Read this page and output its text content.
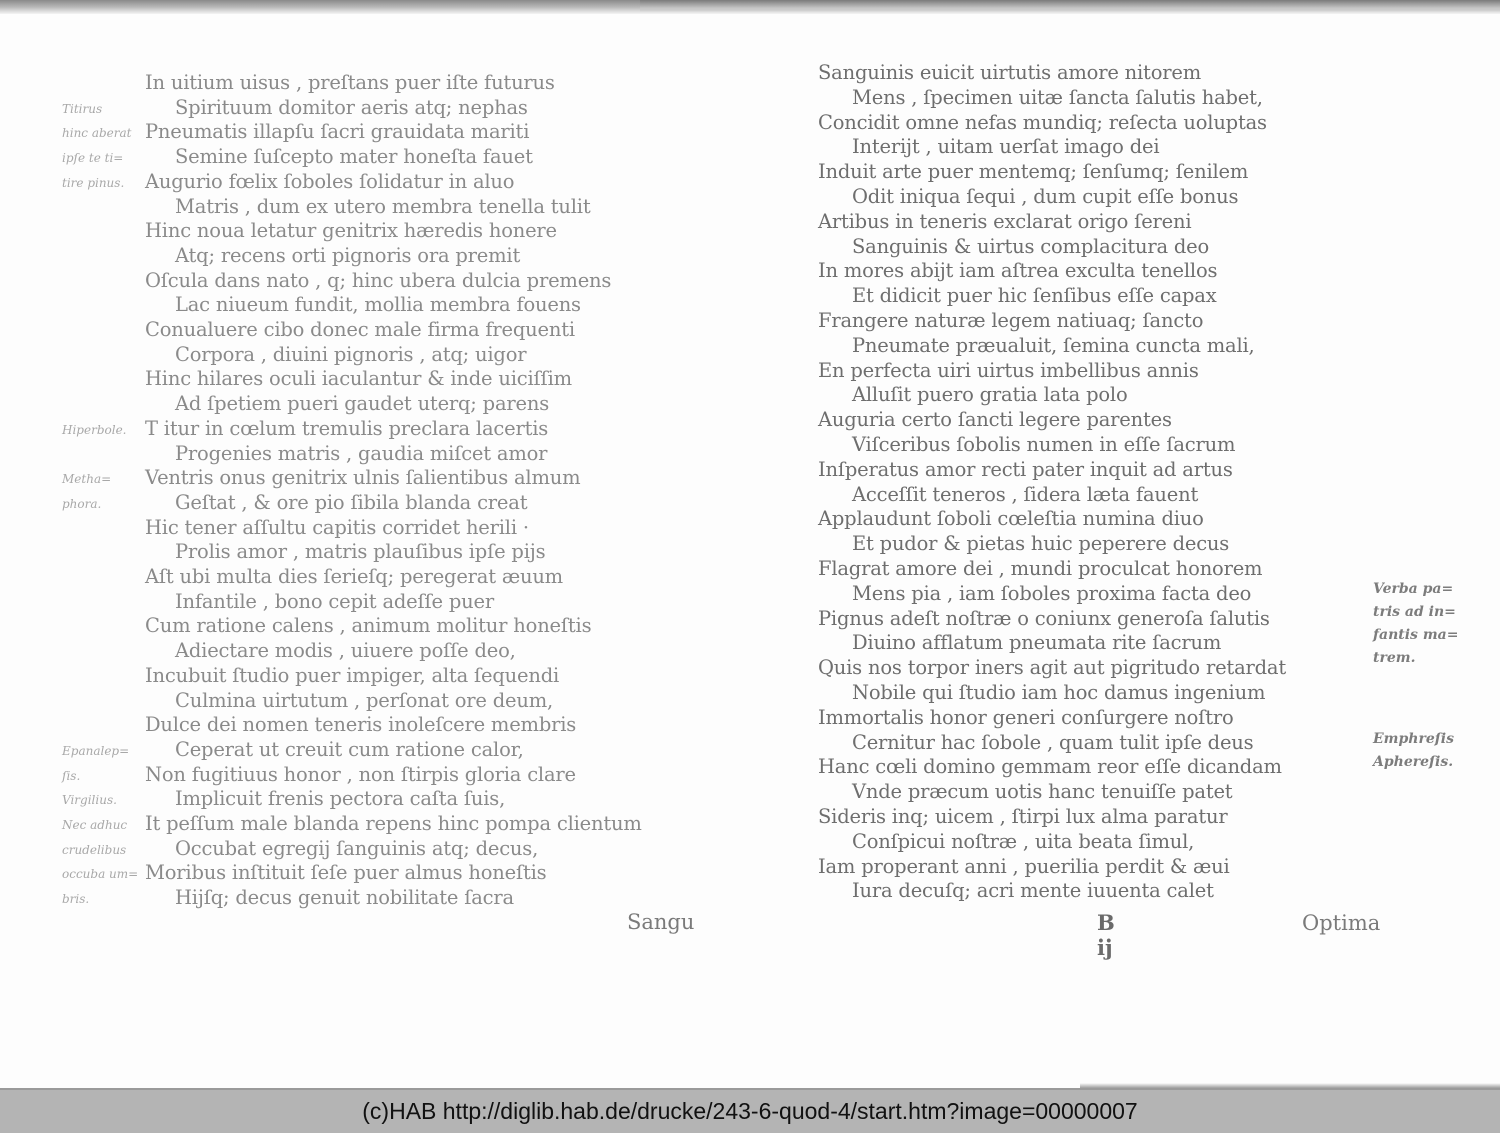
In uitium uisus , preſtans puer iſte futurus
Spirituum domitor aeris atq; nephas
Pneumatis illapſu ſacri grauidata mariti
Semine ſuſcepto mater honeſta fauet
Augurio fœlix ſoboles ſolidatur in aluo
Matris , dum ex utero membra tenella tulit
Hinc noua letatur genitrix hæredis honere
Atq; recens orti pignoris ora premit
Oſcula dans nato , q; hinc ubera dulcia premens
Lac niueum fundit, mollia membra fouens
Conualuere cibo donec male firma frequenti
Corpora , diuini pignoris , atq; uigor
Hinc hilares oculi iaculantur & inde uiciſſim
Ad ſpetiem pueri gaudet uterq; parens
T itur in cœlum tremulis preclara lacertis
Progenies matris , gaudia miſcet amor
Ventris onus genitrix ulnis ſalientibus almum
Geſtat , & ore pio ſibila blanda creat
Hic tener aſſultu capitis corridet herili ·
Prolis amor , matris plauſibus ipſe pijs
Aſt ubi multa dies ſerieſq; peregerat æuum
Infantile , bono cepit adeſſe puer
Cum ratione calens , animum molitur honeſtis
Adiectare modis , uiuere poſſe deo,
Incubuit ſtudio puer impiger, alta ſequendi
Culmina uirtutum , perſonat ore deum,
Dulce dei nomen teneris inoleſcere membris
Ceperat ut creuit cum ratione calor,
Non fugitiuus honor , non ſtirpis gloria clare
Implicuit frenis pectora caſta ſuis,
It peſſum male blanda repens hinc pompa clientum
Occubat egregij ſanguinis atq; decus,
Moribus inſtituit ſeſe puer almus honeſtis
Hijſq; decus genuit nobilitate ſacra
Titirus
hinc aberat
ipſe te ti=
tire pinus.
Hiperbole.
Metha=
phora.
Epanalep=
ſis.
Virgilius.
Nec adhuc
crudelibus
occuba um=
bris.
Sangu
Sanguinis euicit uirtutis amore nitorem
Mens , ſpecimen uitæ ſancta ſalutis habet,
Concidit omne nefas mundiq; reſecta uoluptas
Interijt , uitam uerſat imago dei
Induit arte puer mentemq; ſenſumq; ſenilem
Odit iniqua ſequi , dum cupit eſſe bonus
Artibus in teneris exclarat origo ſereni
Sanguinis & uirtus complacitura deo
In mores abijt iam aſtrea exculta tenellos
Et didicit puer hic ſenſibus eſſe capax
Frangere naturæ legem natiuaq; ſancto
Pneumate præualuit, ſemina cuncta mali,
En perfecta uiri uirtus imbellibus annis
Alluſit puero gratia lata polo
Auguria certo ſancti legere parentes
Viſceribus ſobolis numen in eſſe ſacrum
Inſperatus amor recti pater inquit ad artus
Acceſſit teneros , ſidera læta fauent
Applaudunt ſoboli cœleſtia numina diuo
Et pudor & pietas huic peperere decus
Flagrat amore dei , mundi proculcat honorem
Mens pia , iam ſoboles proxima facta deo
Pignus adeſt noſtræ o coniunx generoſa ſalutis
Diuino afflatum pneumata rite ſacrum
Quis nos torpor iners agit aut pigritudo retardat
Nobile qui ſtudio iam hoc damus ingenium
Immortalis honor generi conſurgere noſtro
Cernitur hac ſobole , quam tulit ipſe deus
Hanc cœli domino gemmam reor eſſe dicandam
Vnde præcum uotis hanc tenuiſſe patet
Sideris inq; uicem , ſtirpi lux alma paratur
Conſpicui noſtræ , uita beata ſimul,
Iam properant anni , puerilia perdit & æui
Iura decuſq; acri mente iuuenta calet
Verba pa=
tris ad in=
fantis ma=
trem.
Emphreſis
Aphereſis.
B ij
Optima
(c)HAB http://diglib.hab.de/drucke/243-6-quod-4/start.htm?image=00000007
